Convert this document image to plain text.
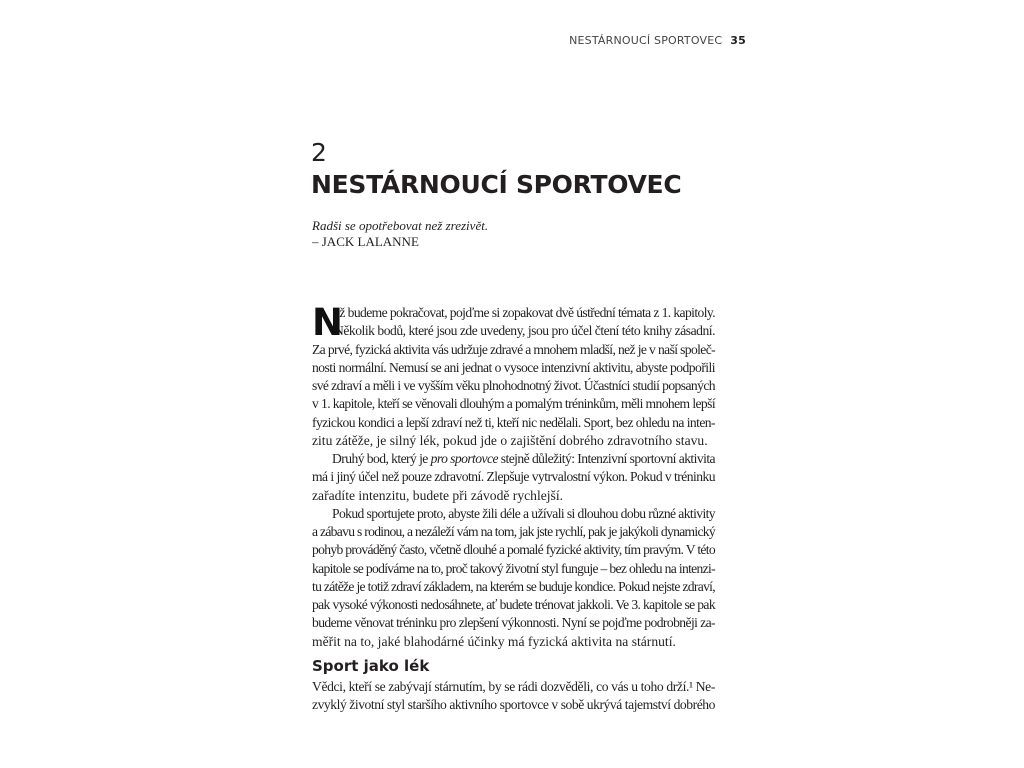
NESTÁRNOUCÍ SPORTOVEC 35
2
NESTÁRNOUCÍ SPORTOVEC
Radši se opotřebovat než zrezivět.
– JACK LALANNE
N
ež budeme pokračovat, pojďme si zopakovat dvě ústřední témata z 1. kapitoly.
Několik bodů, které jsou zde uvedeny, jsou pro účel čtení této knihy zásadní.
Za prvé, fyzická aktivita vás udržuje zdravé a mnohem mladší, než je v naší společ-
nosti normální. Nemusí se ani jednat o vysoce intenzivní aktivitu, abyste podpořili
své zdraví a měli i ve vyšším věku plnohodnotný život. Účastníci studií popsaných
v 1. kapitole, kteří se věnovali dlouhým a pomalým tréninkům, měli mnohem lepší
fyzickou kondici a lepší zdraví než ti, kteří nic nedělali. Sport, bez ohledu na inten-
zitu zátěže, je silný lék, pokud jde o zajištění dobrého zdravotního stavu.
Druhý bod, který je pro sportovce stejně důležitý: Intenzivní sportovní aktivita
má i jiný účel než pouze zdravotní. Zlepšuje vytrvalostní výkon. Pokud v tréninku
zařadíte intenzitu, budete při závodě rychlejší.
Pokud sportujete proto, abyste žili déle a užívali si dlouhou dobu různé aktivity
a zábavu s rodinou, a nezáleží vám na tom, jak jste rychlí, pak je jakýkoli dynamický
pohyb prováděný často, včetně dlouhé a pomalé fyzické aktivity, tím pravým. V této
kapitole se podíváme na to, proč takový životní styl funguje – bez ohledu na intenzi-
tu zátěže je totiž zdraví základem, na kterém se buduje kondice. Pokud nejste zdraví,
pak vysoké výkonosti nedosáhnete, ať budete trénovat jakkoli. Ve 3. kapitole se pak
budeme věnovat tréninku pro zlepšení výkonnosti. Nyní se pojďme podrobněji za-
měřit na to, jaké blahodárné účinky má fyzická aktivita na stárnutí.
Sport jako lék
Vědci, kteří se zabývají stárnutím, by se rádi dozvěděli, co vás u toho drží.¹ Ne-
zvyklý životní styl staršího aktivního sportovce v sobě ukrývá tajemství dobrého
